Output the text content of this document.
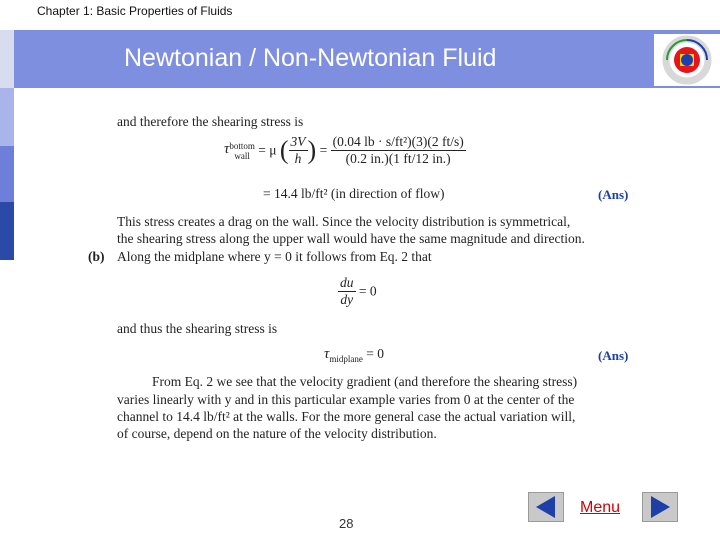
Chapter 1: Basic Properties of Fluids
Newtonian / Non-Newtonian Fluid
and therefore the shearing stress is
τ bottom
wall = μ ( $\frac{3V}{h}$ ) = $\frac{\text{(0.04 lb · s/ft²)(3)(2 ft/s)}}{(0.2 in.)(1 ft/12 in.)}$
= 14.4 lb/ft² (in direction of flow)	(Ans)
This stress creates a drag on the wall. Since the velocity distribution is symmetrical,
the shearing stress along the upper wall would have the same magnitude and direction.
(b) Along the midplane where y = 0 it follows from Eq. 2 that
$\frac{du}{dy} = 0$
and thus the shearing stress is
$\tau_{midplane} = 0$	(Ans)
From Eq. 2 we see that the velocity gradient (and therefore the shearing stress)
varies linearly with y and in this particular example varies from 0 at the center of the
channel to 14.4 lb/ft² at the walls. For the more general case the actual variation will,
of course, depend on the nature of the velocity distribution.
28
Menu
